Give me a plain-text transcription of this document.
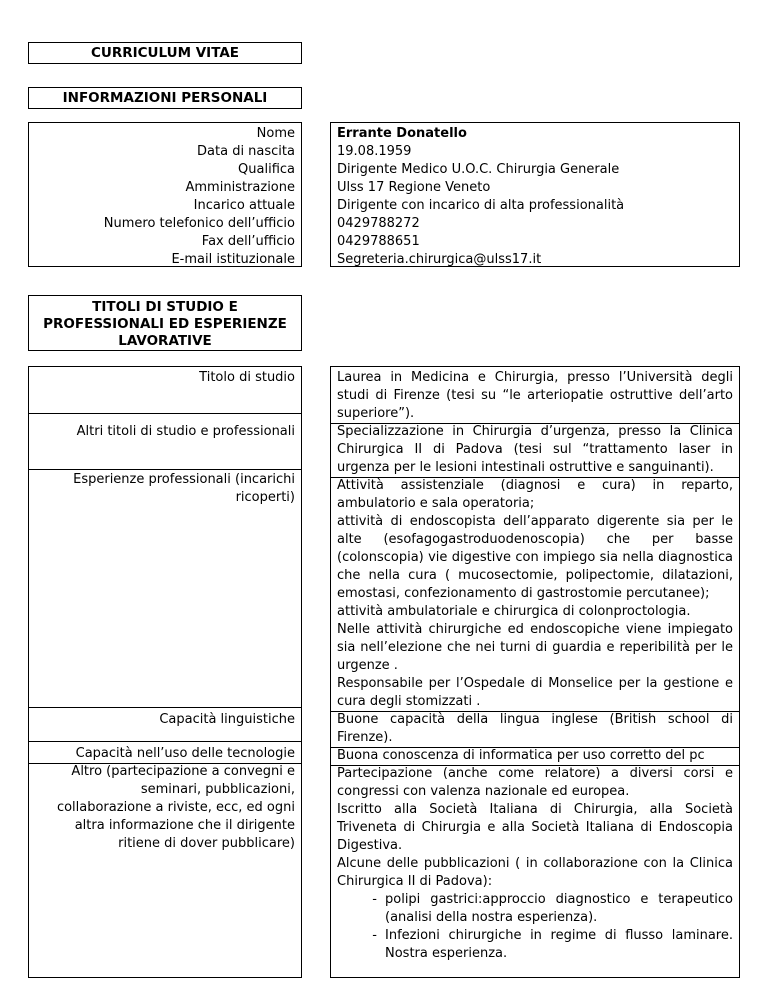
CURRICULUM VITAE
INFORMAZIONI PERSONALI
Nome
Data di nascita
Qualifica
Amministrazione
Incarico attuale
Numero telefonico dell’ufficio
Fax dell’ufficio
E-mail istituzionale
Errante Donatello
19.08.1959
Dirigente Medico U.O.C. Chirurgia Generale
Ulss 17 Regione Veneto
Dirigente con incarico di alta professionalità
0429788272
0429788651
Segreteria.chirurgica@ulss17.it
TITOLI DI STUDIO E
PROFESSIONALI ED ESPERIENZE
LAVORATIVE
Titolo di studio
Altri titoli di studio e professionali
Esperienze professionali (incarichi
ricoperti)
Capacità linguistiche
Capacità nell’uso delle tecnologie
Altro (partecipazione a convegni e
seminari, pubblicazioni,
collaborazione a riviste, ecc, ed ogni
altra informazione che il dirigente
ritiene di dover pubblicare)
Laurea in Medicina e Chirurgia, presso l’Università degli studi di Firenze (tesi su “le arteriopatie ostruttive dell’arto superiore”).
Specializzazione in Chirurgia d’urgenza, presso la Clinica Chirurgica II di Padova (tesi sul “trattamento laser in urgenza per le lesioni intestinali ostruttive e sanguinanti).
Attività assistenziale (diagnosi e cura) in reparto, ambulatorio e sala operatoria;
attività di endoscopista dell’apparato digerente sia per le alte (esofagogastroduodenoscopia) che per basse (colonscopia) vie digestive con impiego sia nella diagnostica che nella cura ( mucosectomie, polipectomie, dilatazioni, emostasi, confezionamento di gastrostomie percutanee);
attività ambulatoriale e chirurgica di colonproctologia.
Nelle attività chirurgiche ed endoscopiche viene impiegato sia nell’elezione che nei turni di guardia e reperibilità per le urgenze .
Responsabile per l’Ospedale di Monselice per la gestione e cura degli stomizzati .
Buone capacità della lingua inglese (British school di Firenze).
Buona conoscenza di informatica per uso corretto del pc
Partecipazione (anche come relatore) a diversi corsi e congressi con valenza nazionale ed europea.
Iscritto alla Società Italiana di Chirurgia, alla Società Triveneta di Chirurgia e alla Società Italiana di Endoscopia Digestiva.
Alcune delle pubblicazioni ( in collaborazione con la Clinica Chirurgica II di Padova):
- polipi gastrici:approccio diagnostico e terapeutico (analisi della nostra esperienza).
- Infezioni chirurgiche in regime di flusso laminare. Nostra esperienza.
